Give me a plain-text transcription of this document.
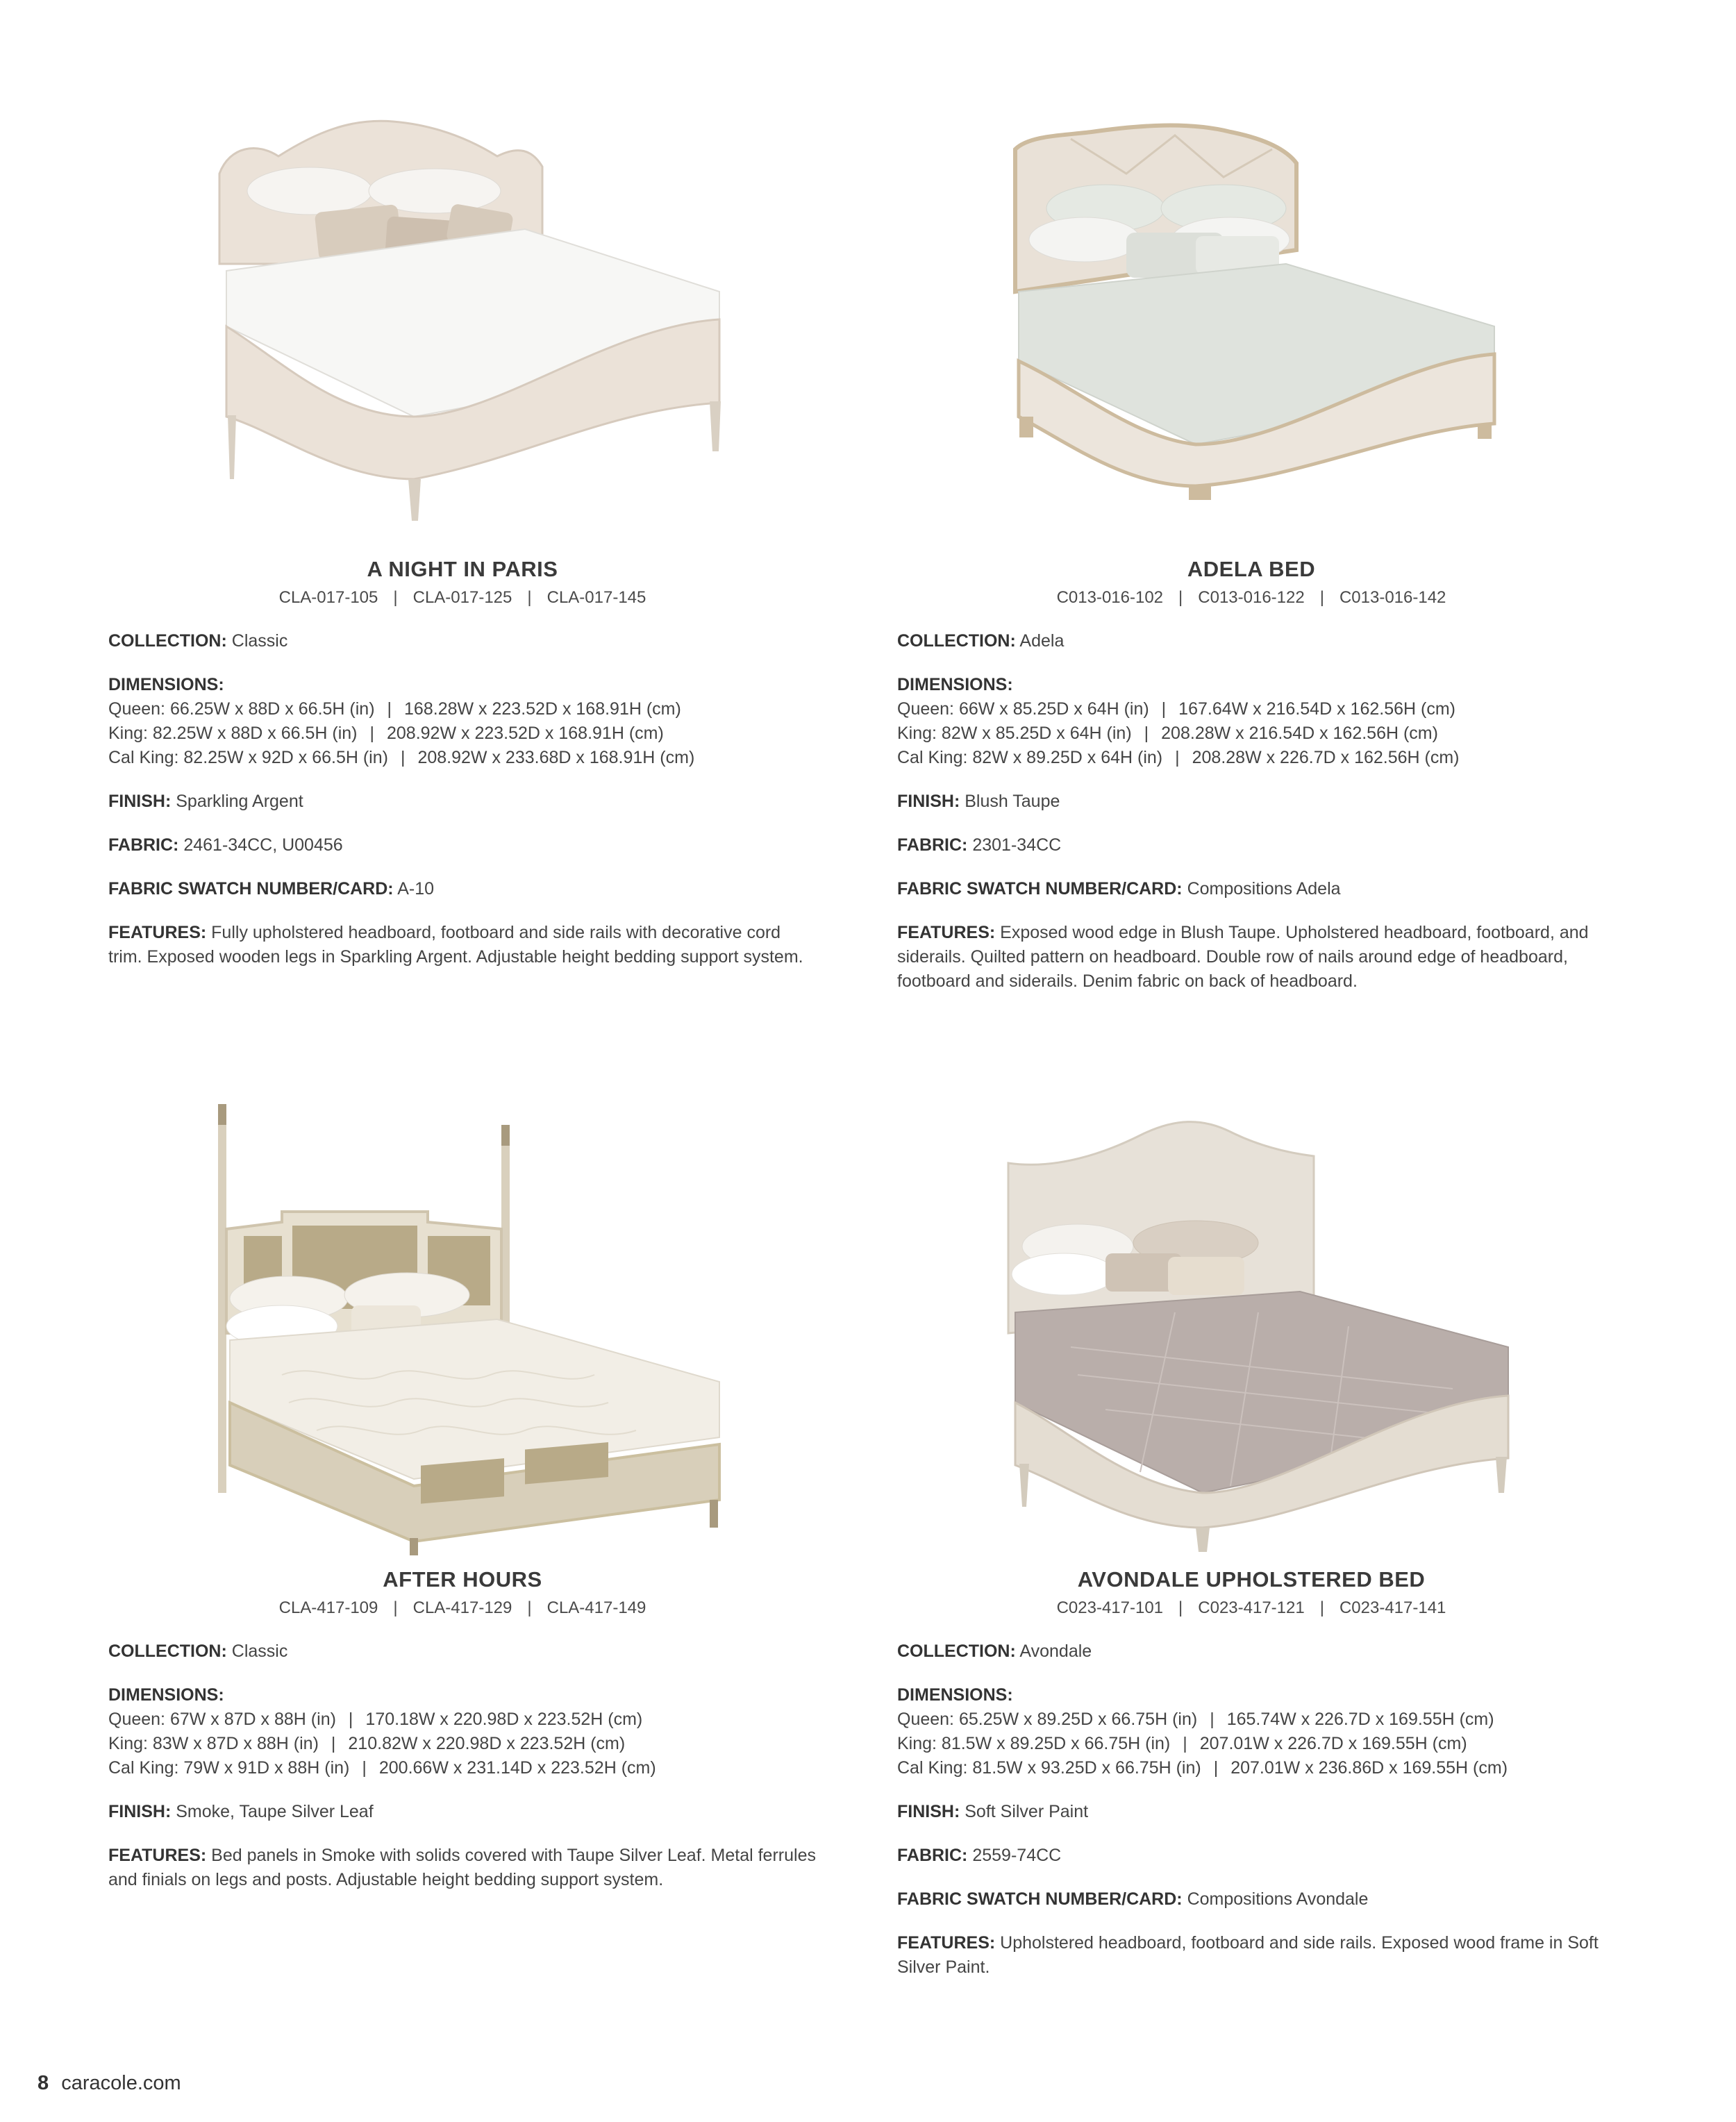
A NIGHT IN PARIS
CLA-017-105 | CLA-017-125 | CLA-017-145
COLLECTION: Classic
DIMENSIONS:
Queen: 66.25W x 88D x 66.5H (in) | 168.28W x 223.52D x 168.91H (cm)
King: 82.25W x 88D x 66.5H (in) | 208.92W x 223.52D x 168.91H (cm)
Cal King: 82.25W x 92D x 66.5H (in) | 208.92W x 233.68D x 168.91H (cm)
FINISH: Sparkling Argent
FABRIC: 2461-34CC, U00456
FABRIC SWATCH NUMBER/CARD: A-10
FEATURES: Fully upholstered headboard, footboard and side rails with decorative cord trim. Exposed wooden legs in Sparkling Argent. Adjustable height bedding support system.
ADELA BED
C013-016-102 | C013-016-122 | C013-016-142
COLLECTION: Adela
DIMENSIONS:
Queen: 66W x 85.25D x 64H (in) | 167.64W x 216.54D x 162.56H (cm)
King: 82W x 85.25D x 64H (in) | 208.28W x 216.54D x 162.56H (cm)
Cal King: 82W x 89.25D x 64H (in) | 208.28W x 226.7D x 162.56H (cm)
FINISH: Blush Taupe
FABRIC: 2301-34CC
FABRIC SWATCH NUMBER/CARD: Compositions Adela
FEATURES: Exposed wood edge in Blush Taupe. Upholstered headboard, footboard, and siderails. Quilted pattern on headboard. Double row of nails around edge of headboard, footboard and siderails. Denim fabric on back of headboard.
AFTER HOURS
CLA-417-109 | CLA-417-129 | CLA-417-149
COLLECTION: Classic
DIMENSIONS:
Queen: 67W x 87D x 88H (in) | 170.18W x 220.98D x 223.52H (cm)
King: 83W x 87D x 88H (in) | 210.82W x 220.98D x 223.52H (cm)
Cal King: 79W x 91D x 88H (in) | 200.66W x 231.14D x 223.52H (cm)
FINISH: Smoke, Taupe Silver Leaf
FEATURES: Bed panels in Smoke with solids covered with Taupe Silver Leaf. Metal ferrules and finials on legs and posts. Adjustable height bedding support system.
AVONDALE UPHOLSTERED BED
C023-417-101 | C023-417-121 | C023-417-141
COLLECTION: Avondale
DIMENSIONS:
Queen: 65.25W x 89.25D x 66.75H (in) | 165.74W x 226.7D x 169.55H (cm)
King: 81.5W x 89.25D x 66.75H (in) | 207.01W x 226.7D x 169.55H (cm)
Cal King: 81.5W x 93.25D x 66.75H (in) | 207.01W x 236.86D x 169.55H (cm)
FINISH: Soft Silver Paint
FABRIC: 2559-74CC
FABRIC SWATCH NUMBER/CARD: Compositions Avondale
FEATURES: Upholstered headboard, footboard and side rails. Exposed wood frame in Soft Silver Paint.
8 caracole.com
